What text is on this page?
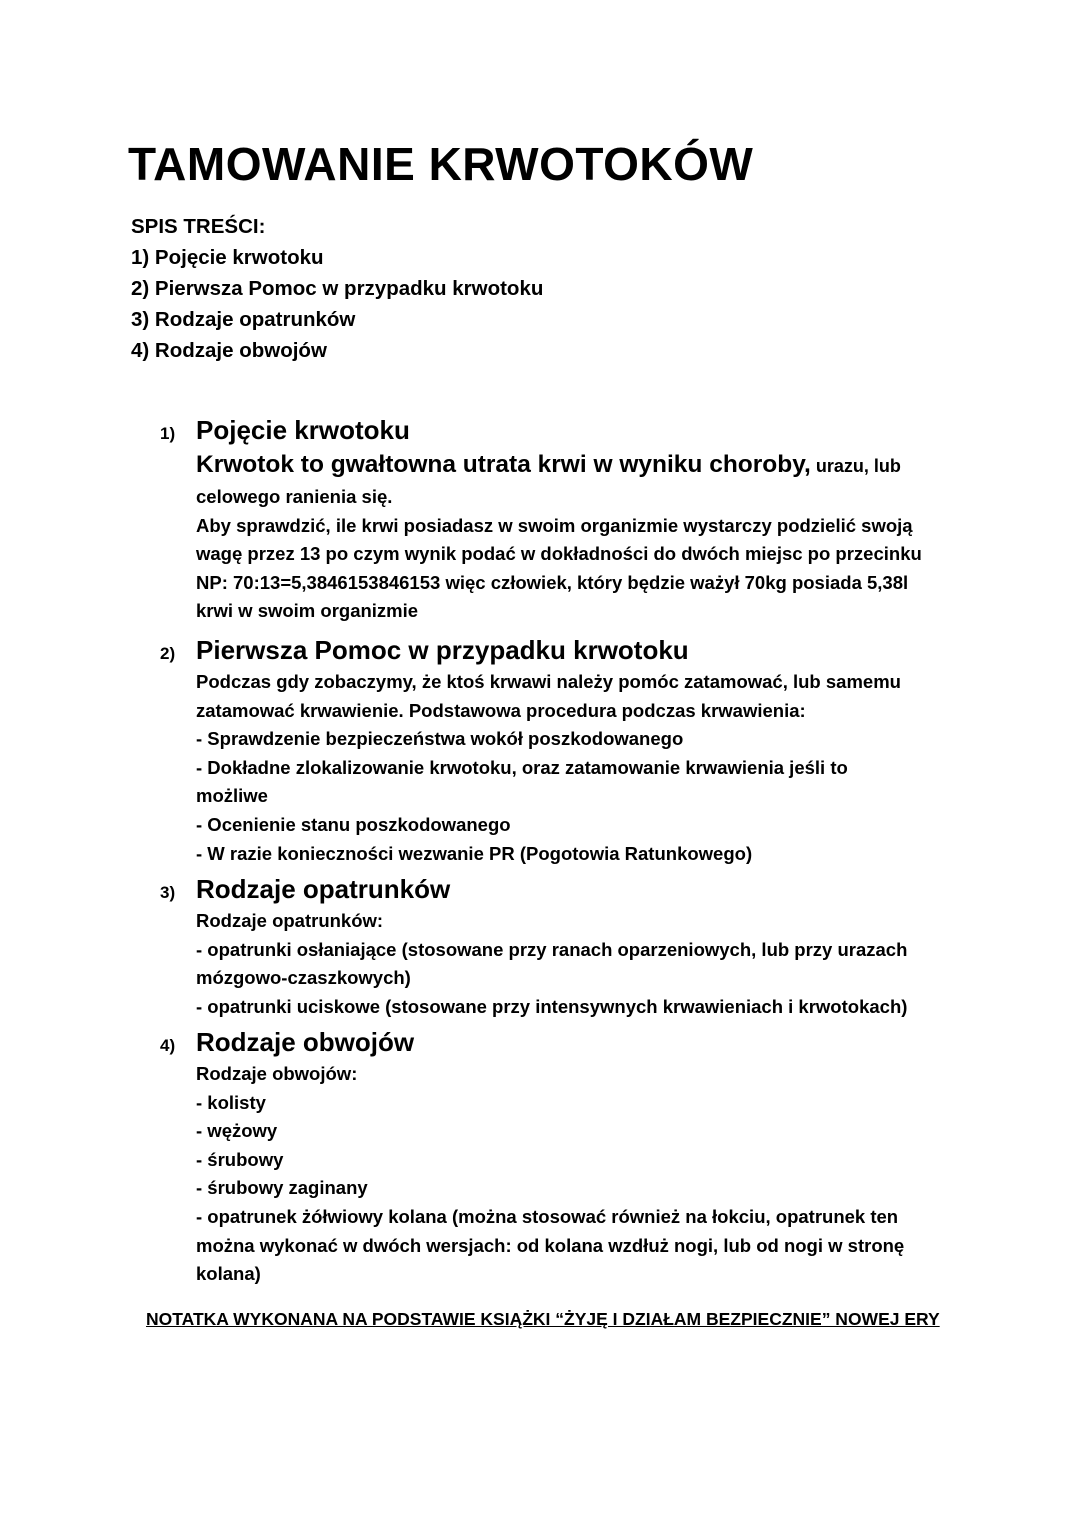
TAMOWANIE KRWOTOKÓW
SPIS TREŚCI:
1) Pojęcie krwotoku
2) Pierwsza Pomoc w przypadku krwotoku
3) Rodzaje opatrunków
4) Rodzaje obwojów
1) Pojęcie krwotoku

Krwotok to gwałtowna utrata krwi w wyniku choroby, urazu, lub

celowego ranienia się.

Aby sprawdzić, ile krwi posiadasz w swoim organizmie wystarczy podzielić swoją

wagę przez 13 po czym wynik podać w dokładności do dwóch miejsc po przecinku

NP: 70:13=5,3846153846153 więc człowiek, który będzie ważył 70kg posiada 5,38l

krwi w swoim organizmie

2) Pierwsza Pomoc w przypadku krwotoku

Podczas gdy zobaczymy, że ktoś krwawi należy pomóc zatamować, lub samemu

zatamować krwawienie. Podstawowa procedura podczas krwawienia:

- Sprawdzenie bezpieczeństwa wokół poszkodowanego

- Dokładne zlokalizowanie krwotoku, oraz zatamowanie krwawienia jeśli to

możliwe

- Ocenienie stanu poszkodowanego

- W razie konieczności wezwanie PR (Pogotowia Ratunkowego)

3) Rodzaje opatrunków

Rodzaje opatrunków:

- opatrunki osłaniające (stosowane przy ranach oparzeniowych, lub przy urazach

mózgowo-czaszkowych)

- opatrunki uciskowe (stosowane przy intensywnych krwawieniach i krwotokach)

4) Rodzaje obwojów

Rodzaje obwojów:

- kolisty

- wężowy

- śrubowy

- śrubowy zaginany

- opatrunek żółwiowy kolana (można stosować również na łokciu, opatrunek ten

można wykonać w dwóch wersjach: od kolana wzdłuż nogi, lub od nogi w stronę

kolana)

NOTATKA WYKONANA NA PODSTAWIE KSIĄŻKI “ŻYJĘ I DZIAŁAM BEZPIECZNIE” NOWEJ ERY
